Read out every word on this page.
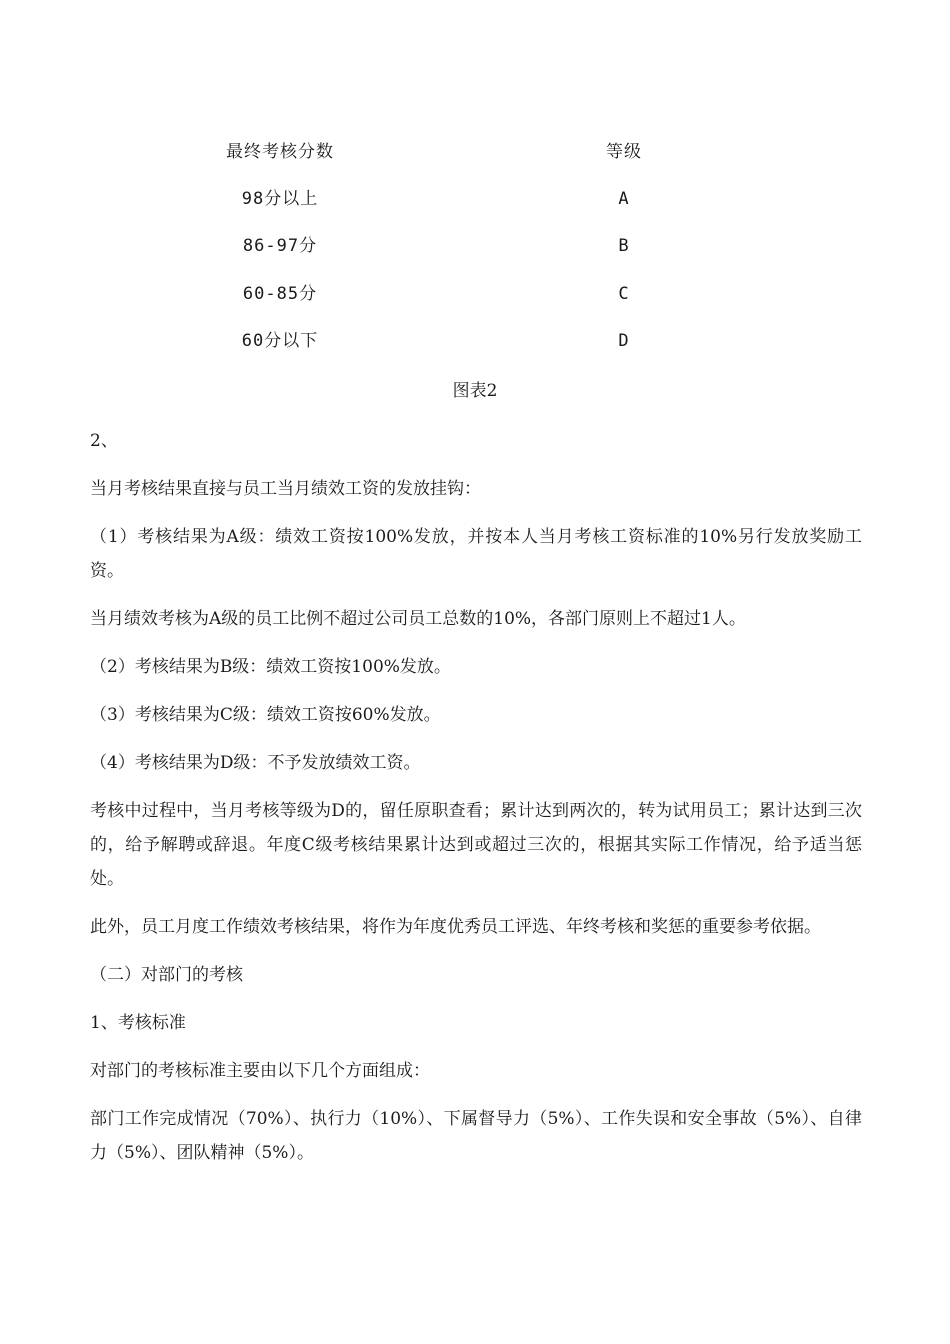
最终考核分数	等级
98分以上	A
86-97分	B
60-85分	C
60分以下	D
图表2

2、

当月考核结果直接与员工当月绩效工资的发放挂钩：

（1）考核结果为A级：绩效工资按100%发放，并按本人当月考核工资标准的10%另行发放奖励工资。

当月绩效考核为A级的员工比例不超过公司员工总数的10%，各部门原则上不超过1人。

（2）考核结果为B级：绩效工资按100%发放。

（3）考核结果为C级：绩效工资按60%发放。

（4）考核结果为D级：不予发放绩效工资。

考核中过程中，当月考核等级为D的，留任原职查看；累计达到两次的，转为试用员工；累计达到三次的，给予解聘或辞退。年度C级考核结果累计达到或超过三次的，根据其实际工作情况，给予适当惩处。

此外，员工月度工作绩效考核结果，将作为年度优秀员工评选、年终考核和奖惩的重要参考依据。

（二）对部门的考核

1、考核标准

对部门的考核标准主要由以下几个方面组成：

部门工作完成情况（70%）、执行力（10%）、下属督导力（5%）、工作失误和安全事故（5%）、自律力（5%）、团队精神（5%）。
